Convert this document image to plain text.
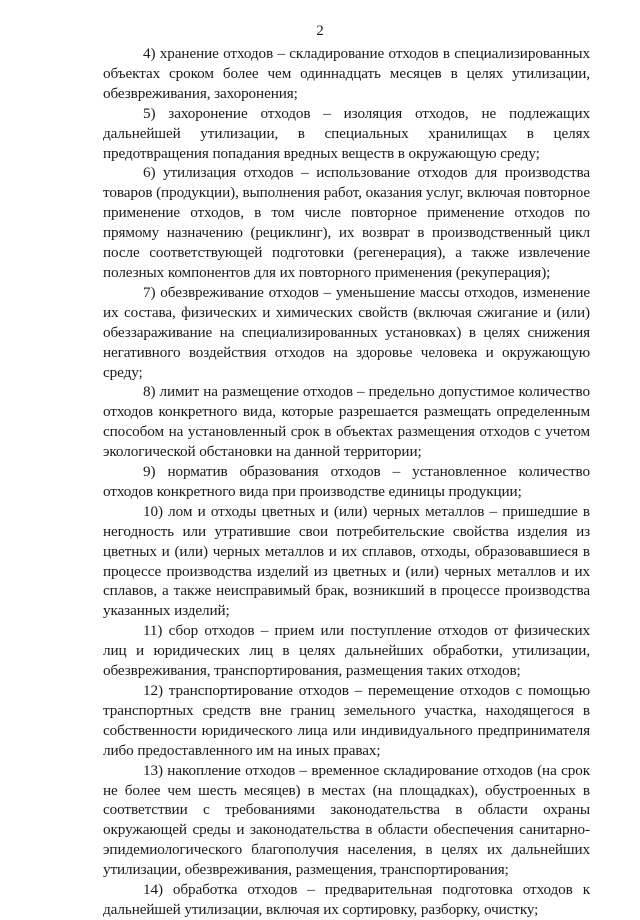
2

4) хранение отходов – складирование отходов в специализированных объектах сроком более чем одиннадцать месяцев в целях утилизации, обезвреживания, захоронения;

5) захоронение отходов – изоляция отходов, не подлежащих дальнейшей утилизации, в специальных хранилищах в целях предотвращения попадания вредных веществ в окружающую среду;

6) утилизация отходов – использование отходов для производства товаров (продукции), выполнения работ, оказания услуг, включая повторное применение отходов, в том числе повторное применение отходов по прямому назначению (рециклинг), их возврат в производственный цикл после соответствующей подготовки (регенерация), а также извлечение полезных компонентов для их повторного применения (рекуперация);

7) обезвреживание отходов – уменьшение массы отходов, изменение их состава, физических и химических свойств (включая сжигание и (или) обеззараживание на специализированных установках) в целях снижения негативного воздействия отходов на здоровье человека и окружающую среду;

8) лимит на размещение отходов – предельно допустимое количество отходов конкретного вида, которые разрешается размещать определенным способом на установленный срок в объектах размещения отходов с учетом экологической обстановки на данной территории;

9) норматив образования отходов – установленное количество отходов конкретного вида при производстве единицы продукции;

10) лом и отходы цветных и (или) черных металлов – пришедшие в негодность или утратившие свои потребительские свойства изделия из цветных и (или) черных металлов и их сплавов, отходы, образовавшиеся в процессе производства изделий из цветных и (или) черных металлов и их сплавов, а также неисправимый брак, возникший в процессе производства указанных изделий;

11) сбор отходов – прием или поступление отходов от физических лиц и юридических лиц в целях дальнейших обработки, утилизации, обезвреживания, транспортирования, размещения таких отходов;

12) транспортирование отходов – перемещение отходов с помощью транспортных средств вне границ земельного участка, находящегося в собственности юридического лица или индивидуального предпринимателя либо предоставленного им на иных правах;

13) накопление отходов – временное складирование отходов (на срок не более чем шесть месяцев) в местах (на площадках), обустроенных в соответствии с требованиями законодательства в области охраны окружающей среды и законодательства в области обеспечения санитарно-эпидемиологического благополучия населения, в целях их дальнейших утилизации, обезвреживания, размещения, транспортирования;

14) обработка отходов – предварительная подготовка отходов к дальнейшей утилизации, включая их сортировку, разборку, очистку;
